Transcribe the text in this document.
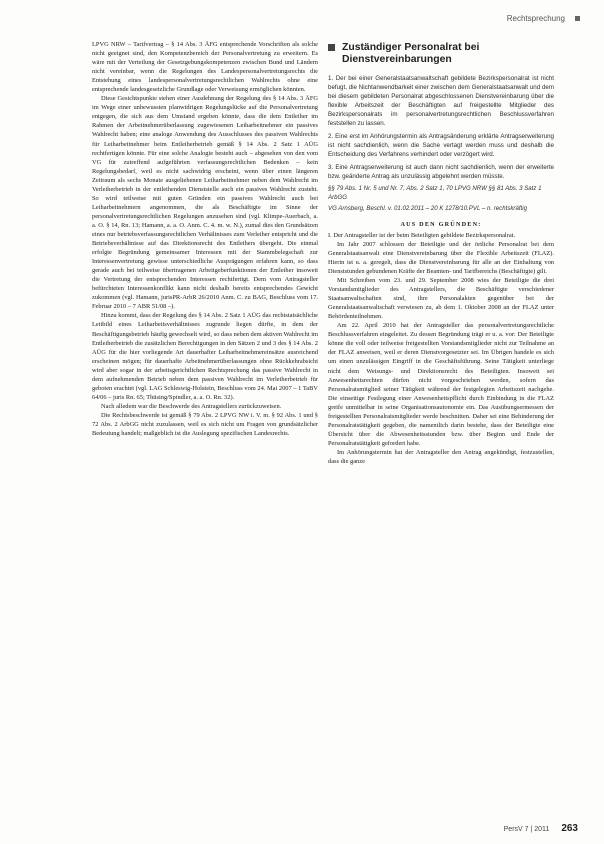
Rechtsprechung

LPVG NRW – Tarifvertrag – § 14 Abs. 3 ÄFG entsprechende Vorschriften als solche nicht geeignet sind, den Kompetenzbereich der Personalvertretung zu erweitern. Es wäre mit der Verteilung der Gesetzgebungskompetenzen zwischen Bund und Ländern nicht vereinbar, wenn die Regelungen des Landespersonalvertretungsrechts die Entstehung eines landespersonalvertretungsrechtlichen Wahlrechts ohne eine entsprechende landesgesetzliche Grundlage oder Verweisung ermöglichen könnten.

Diese Gesichtspunkte stehen einer Ausdehnung der Regelung des § 14 Abs. 3 ÄFG im Wege einer unbewussten planwidrigen Regelungslücke auf die Personalvertretung entgegen, die sich aus dem Umstand ergeben könnte, dass die dem Entleiher im Rahmen der Arbeitnehmerüberlassung zugewiesenen Leiharbeitnehmer ein passives Wahlrecht haben; eine analoge Anwendung des Ausschlusses des passiven Wahlrechts für Leiharbeitnehmer beim Entleiherbetrieb gemäß § 14 Abs. 2 Satz 1 AÜG rechtfertigen könnte. Für eine solche Analogie besteht auch – abgesehen von den vom VG für zutreffend aufgeführten verfassungsrechtlichen Bedenken – kein Regelungsbedarf, weil es nicht sachwidrig erscheint, wenn über einen längeren Zeitraum als sechs Monate ausgeliehenen Leiharbeitnehmer neben dem Wahlrecht im Verleiherbetrieb in der entleihenden Dienststelle auch ein passives Wahlrecht zusteht. So wird teilweise mit guten Gründen ein passives Wahlrecht auch bei Leiharbeitnehmern angenommen, die als Beschäftigte im Sinne der personalvertretungsrechtlichen Regelungen anzusehen sind (vgl. Klimpe-Auerbach, a. a. O. § 14, Rn. 13; Hamann, a. a. O. Anm. C. 4. m. w. N.), zumal dies den Grundsätzen eines nur betriebsverfassungsrechtlichen Verhältnisses zum Verleiher entspricht und die Betriebsverhältnisse auf das Direktionsrecht des Entleihers übergeht. Die einmal erfolgte Begründung gemeinsamer Interessen mit der Stammbelegschaft zur Interessenvertretung gewisse unterschiedliche Ausprägungen erfahren kann, so dass gerade auch bei teilweise übertragenen Arbeitgeberfunktionen der Entleiher insoweit die Vertretung der entsprechenden Interessen rechtfertigt. Dem vom Antragsteller befürchteten Interessenkonflikt kann nicht deshalb bereits entsprechendes Gewicht zukommen (vgl. Hamann, jurisPR-ArbR 26/2010 Anm. C. zu BAG, Beschluss vom 17. Februar 2010 – 7 ABR 51/08 –).

Hinzu kommt, dass der Regelung des § 14 Abs. 2 Satz 1 AÜG das rechtstatsächliche Leitbild eines Leiharbeitsverhältnisses zugrunde liegen dürfte, in dem der Beschäftigungsbetrieb häufig gewechselt wird, so dass neben dem aktiven Wahlrecht im Entleiherbetrieb die zusätzlichen Berechtigungen in den Sätzen 2 und 3 des § 14 Abs. 2 AÜG für die hier vorliegende Art dauerhafter Leiharbeitnehmereinsätze ausreichend erscheinen mögen; für dauerhafte Arbeitnehmerüberlassungen ohne Rückkehrabsicht wird aber sogar in der arbeitsgerichtlichen Rechtsprechung das passive Wahlrecht in dem aufnehmenden Betrieb neben dem passiven Wahlrecht im Verleiherbetrieb für geboten erachtet (vgl. LAG Schleswig-Holstein, Beschluss vom 24. Mai 2007 – 1 TaBV 64/06 – juris Rn. 65; Thüsing/Spindler, a. a. O. Rn. 32).

Nach alledem war die Beschwerde des Antragstellers zurückzuweisen.

Die Rechtsbeschwerde ist gemäß § 79 Abs. 2 LPVG NW i. V. m. § 92 Abs. 1 und § 72 Abs. 2 ArbGG nicht zuzulassen, weil es sich nicht um Fragen von grundsätzlicher Bedeutung handelt; maßgeblich ist die Auslegung spezifischen Landesrechts.

Zuständiger Personalrat bei Dienstvereinbarungen

1. Der bei einer Generalstaatsanwaltschaft gebildete Bezirkspersonalrat ist nicht befugt, die Nichtanwendbarkeit einer zwischen dem Generalstaatsanwalt und dem bei diesem gebildeten Personalrat abgeschlossenen Dienstvereinbarung über die flexible Arbeitszeit der Beschäftigten auf freigestellte Mitglieder des Bezirkspersonalrats im personalvertretungsrechtlichen Beschlussverfahren feststellen zu lassen.

2. Eine erst im Anhörungstermin als Antragsänderung erklärte Antragserweiterung ist nicht sachdienlich, wenn die Sache vertagt werden muss und deshalb die Entscheidung des Verfahrens verhindert oder verzögert wird.

3. Eine Antragserweiterung ist auch dann nicht sachdienlich, wenn der erweiterte bzw. geänderte Antrag als unzulässig abgelehnt werden müsste.

§§ 79 Abs. 1 Nr. 5 und Nr. 7, Abs. 2 Satz 1, 70 LPVG NRW §§ 81 Abs. 3 Satz 1 ArbGG

VG Arnsberg, Beschl. v. 01.02.2011 – 20 K 1278/10.PVL – n. rechtskräftig

AUS DEN GRÜNDEN:

I. Der Antragsteller ist der beim Beteiligten gebildete Bezirkspersonalrat.

Im Jahr 2007 schlossen der Beteiligte und der örtliche Personalrat bei dem Generalstaatsanwalt eine Dienstvereinbarung über die Flexible Arbeitszeit (FLAZ). Hierin ist u. a. geregelt, dass die Dienstvereinbarung für alle an der Einhaltung von Dienststunden gebundenen Kräfte der Beamten- und Tarifbereichs (Beschäftigte) gilt.

Mit Schreiben vom 23. und 29. September 2008 wies der Beteiligte die drei Vorstandsmitglieder des Antragstellers, die Beschäftigte verschiedener Staatsanwaltschaften sind, ihre Personalakten gegenüber bei der Generalstaatsanwaltschaft verwiesen zu, ab dem 1. Oktober 2008 an der FLAZ unter Behördenteilnehmen.

Am 22. April 2010 hat der Antragsteller das personalvertretungsrechtliche Beschlussverfahren eingeleitet. Zu dessen Begründung trägt er u. a. vor: Der Beteiligte könne die voll oder teilweise freigestellten Vorstandsmitglieder nicht zur Teilnahme an der FLAZ anweisen, weil er deren Dienstvorgesetzter sei. Im Übrigen handele es sich um einen unzulässigen Eingriff in die Geschäftsführung. Seine Tätigkeit unterliege nicht dem Weisungs- und Direktionsrecht des Beteiligten. Insoweit sei Anwesenheitsrechten dürfen nicht vorgeschrieben werden, sofern das Personalratsmitglied seiner Tätigkeit während der festgelegten Arbeitszeit nachgehe. Die einseitige Festlegung einer Anwesenheitspflicht durch Einbindung in die FLAZ greife unmittelbar in seine Organisationsautonomie ein. Das Ausübungsermessen der freigestellten Personalratsmitglieder werde beschnitten. Daher sei eine Behinderung der Personalratstätigkeit gegeben, die namentlich darin bestehe, dass der Beteiligte eine Übersicht über die Abwesenheitsstunden bzw. über Beginn und Ende der Personalratstätigkeit gefordert habe.

Im Anhörungstermin hat der Antragsteller den Antrag angekündigt, festzustellen, dass die ganze

PersV 7 | 2011 263
